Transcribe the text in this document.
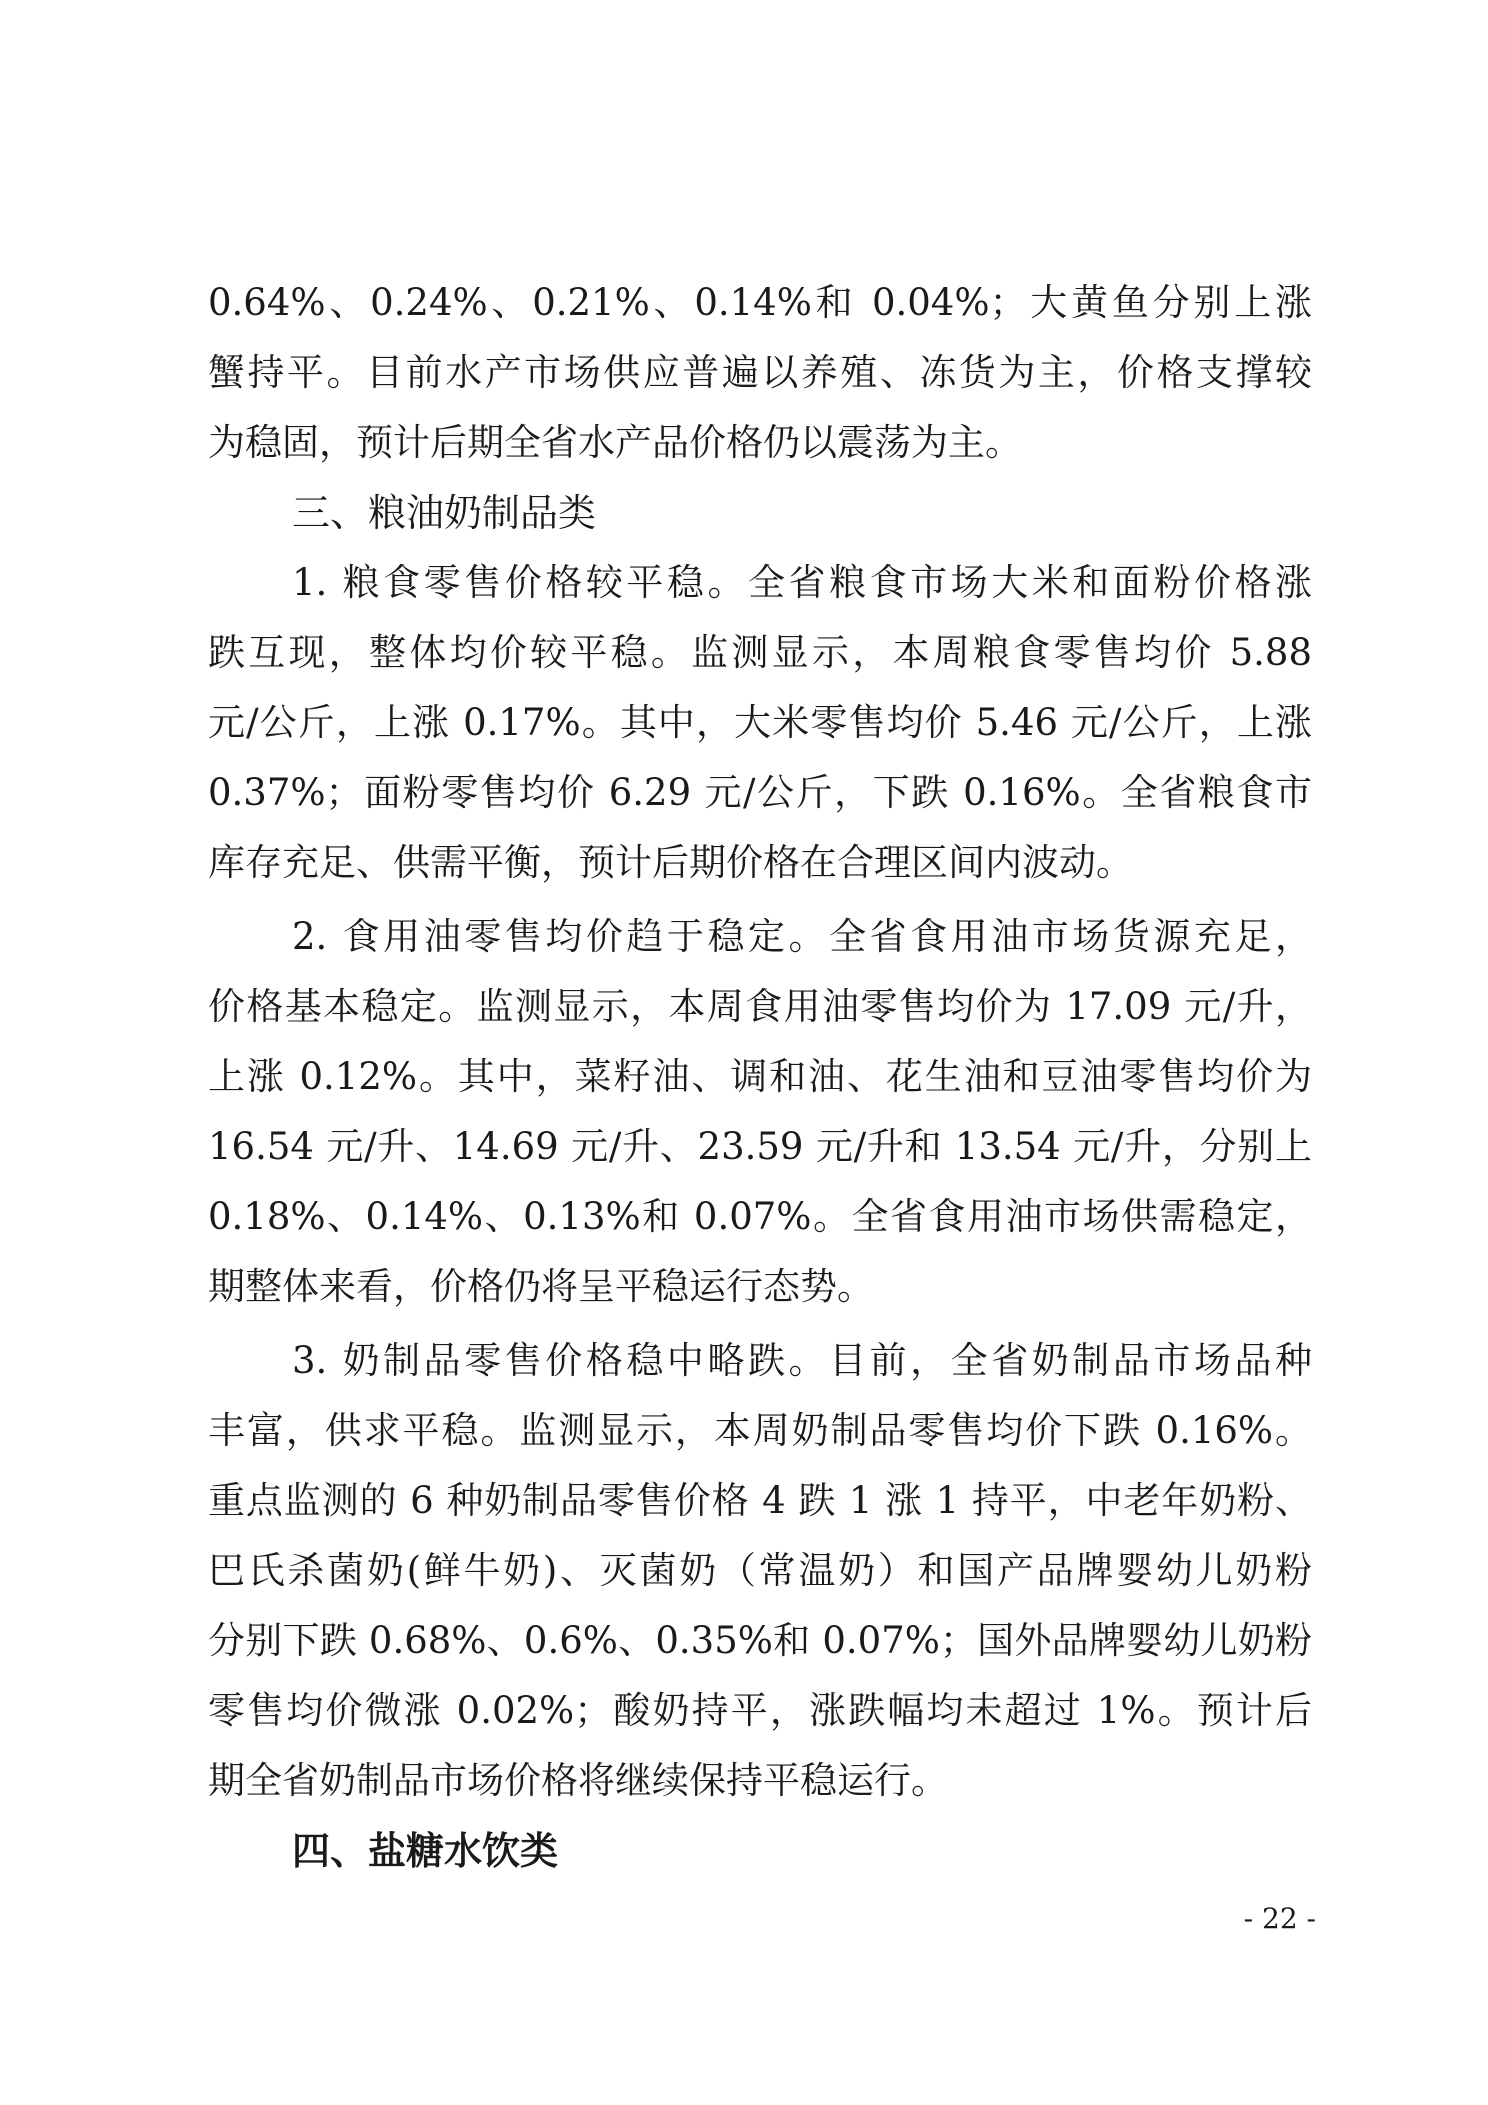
0.64%、0.24%、0.21%、0.14%和 0.04%；大黄鱼分别上涨
蟹持平。目前水产市场供应普遍以养殖、冻货为主，价格支撑较
为稳固，预计后期全省水产品价格仍以震荡为主。
三、粮油奶制品类
1. 粮食零售价格较平稳。全省粮食市场大米和面粉价格涨
跌互现，整体均价较平稳。监测显示，本周粮食零售均价 5.88
元/公斤，上涨 0.17%。其中，大米零售均价 5.46 元/公斤，上涨
0.37%；面粉零售均价 6.29 元/公斤，下跌 0.16%。全省粮食市
库存充足、供需平衡，预计后期价格在合理区间内波动。
2. 食用油零售均价趋于稳定。全省食用油市场货源充足，
价格基本稳定。监测显示，本周食用油零售均价为 17.09 元/升，
上涨 0.12%。其中，菜籽油、调和油、花生油和豆油零售均价为
16.54 元/升、14.69 元/升、23.59 元/升和 13.54 元/升，分别上
0.18%、0.14%、0.13%和 0.07%。全省食用油市场供需稳定，
期整体来看，价格仍将呈平稳运行态势。
3. 奶制品零售价格稳中略跌。目前，全省奶制品市场品种
丰富，供求平稳。监测显示，本周奶制品零售均价下跌 0.16%。
重点监测的 6 种奶制品零售价格 4 跌 1 涨 1 持平，中老年奶粉、
巴氏杀菌奶(鲜牛奶)、灭菌奶（常温奶）和国产品牌婴幼儿奶粉
分别下跌 0.68%、0.6%、0.35%和 0.07%；国外品牌婴幼儿奶粉
零售均价微涨 0.02%；酸奶持平，涨跌幅均未超过 1%。预计后
期全省奶制品市场价格将继续保持平稳运行。
四、盐糖水饮类
- 22 -
